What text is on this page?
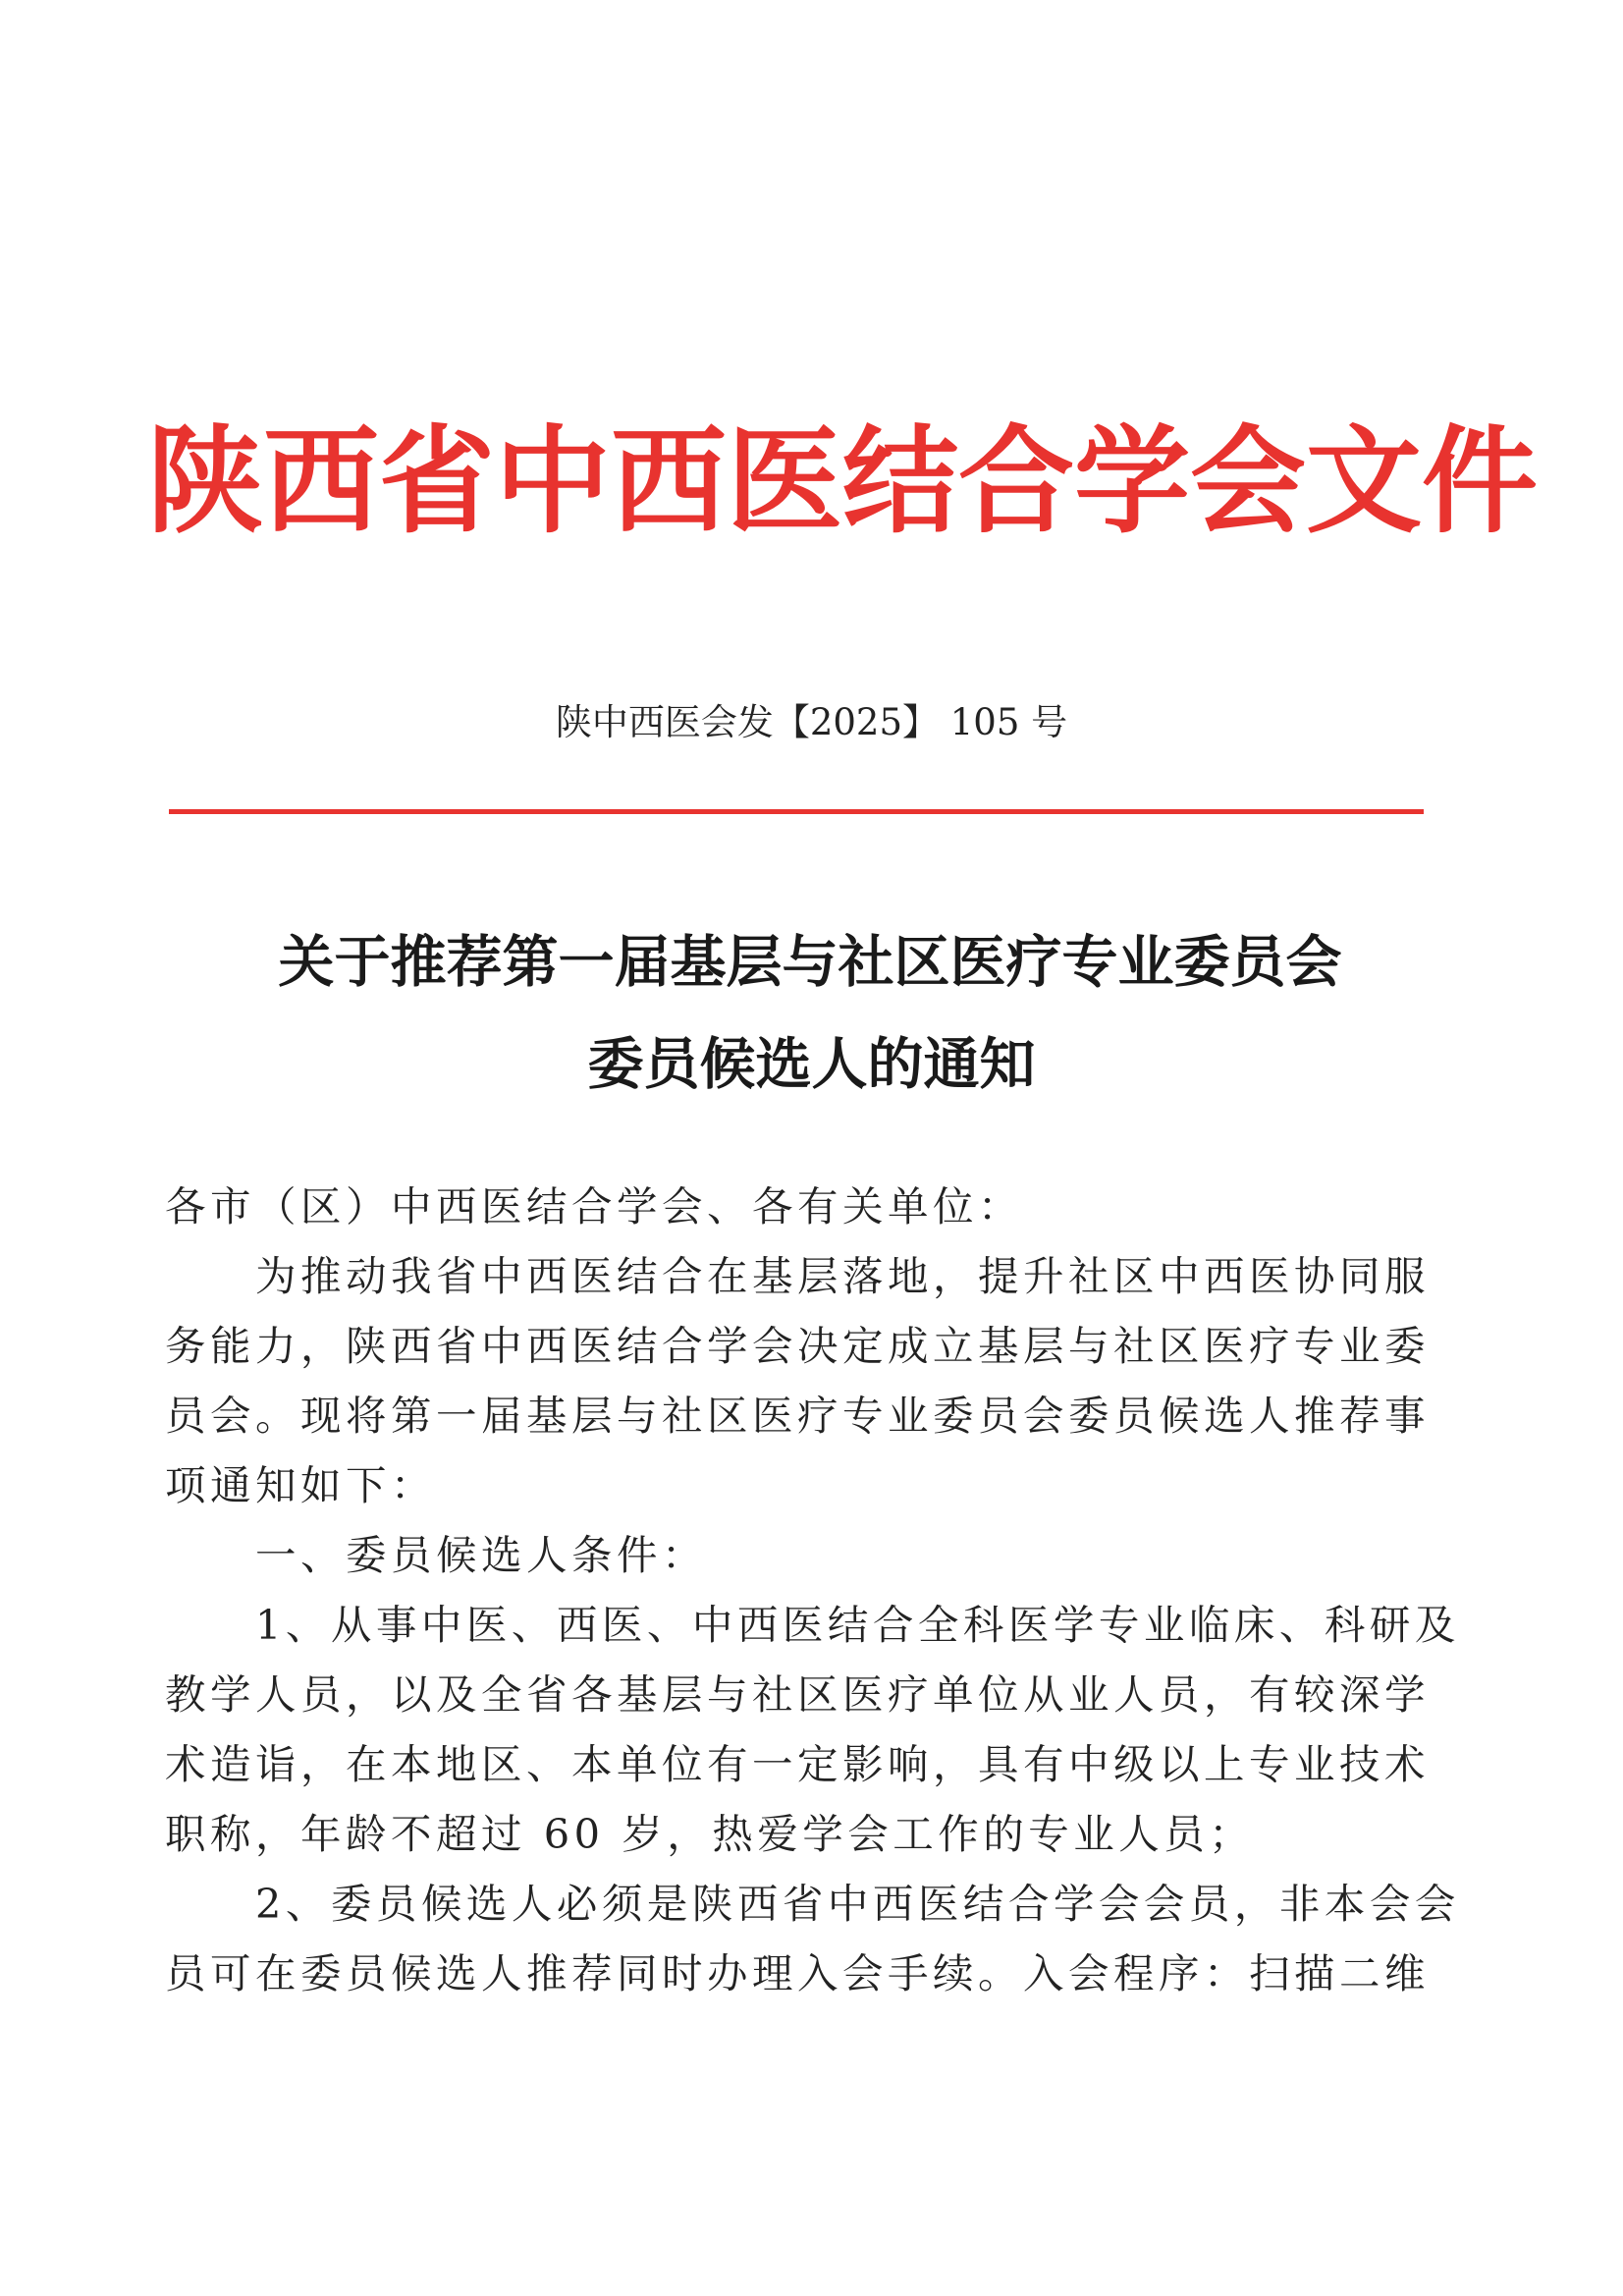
陕西省中西医结合学会文件
陕中西医会发【2025】 105 号
关于推荐第一届基层与社区医疗专业委员会
委员候选人的通知
各市（区）中西医结合学会、各有关单位：
　　为推动我省中西医结合在基层落地，提升社区中西医协同服
务能力，陕西省中西医结合学会决定成立基层与社区医疗专业委
员会。现将第一届基层与社区医疗专业委员会委员候选人推荐事
项通知如下：
　　一、委员候选人条件：
　　1、从事中医、西医、中西医结合全科医学专业临床、科研及
教学人员，以及全省各基层与社区医疗单位从业人员，有较深学
术造诣，在本地区、本单位有一定影响，具有中级以上专业技术
职称，年龄不超过 60 岁，热爱学会工作的专业人员；
　　2、委员候选人必须是陕西省中西医结合学会会员，非本会会
员可在委员候选人推荐同时办理入会手续。入会程序：扫描二维
